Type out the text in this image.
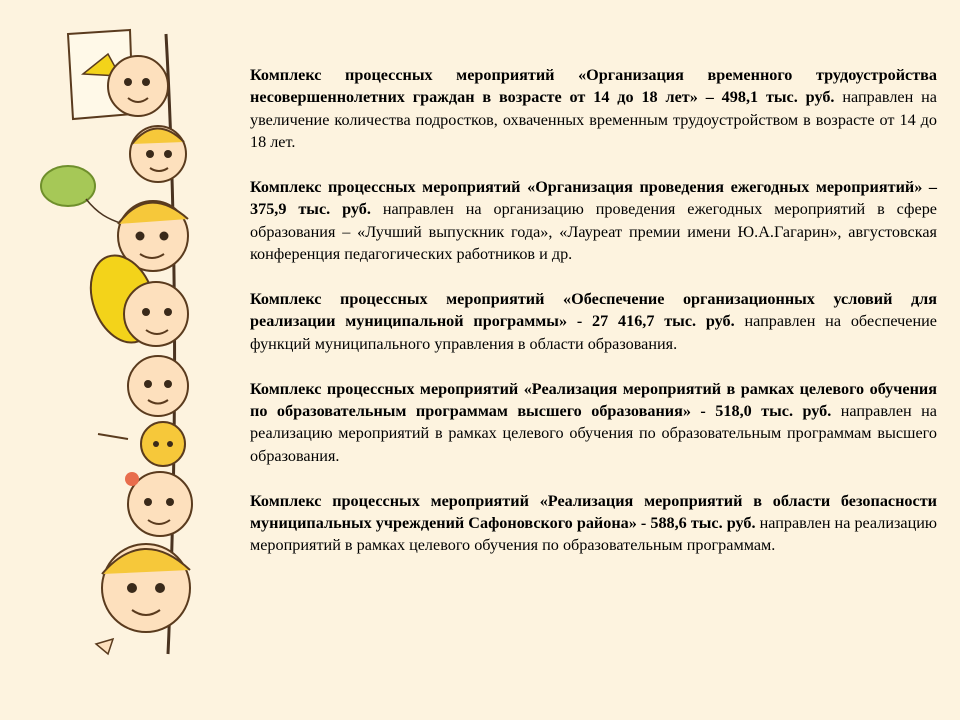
Комплекс процессных мероприятий «Организация временного трудоустройства несовершеннолетних граждан в возрасте от 14 до 18 лет» – 498,1 тыс. руб. направлен на увеличение количества подростков, охваченных временным трудоустройством в возрасте от 14 до 18 лет.

Комплекс процессных мероприятий «Организация проведения ежегодных мероприятий» – 375,9 тыс. руб. направлен на организацию проведения ежегодных мероприятий в сфере образования – «Лучший выпускник года», «Лауреат премии имени Ю.А.Гагарин», августовская конференция педагогических работников и др.

Комплекс процессных мероприятий «Обеспечение организационных условий для реализации муниципальной программы» - 27 416,7 тыс. руб. направлен на обеспечение функций муниципального управления в области образования.

Комплекс процессных мероприятий «Реализация мероприятий в рамках целевого обучения по образовательным программам высшего образования» - 518,0 тыс. руб. направлен на реализацию мероприятий в рамках целевого обучения по образовательным программам высшего образования.

Комплекс процессных мероприятий «Реализация мероприятий в области безопасности муниципальных учреждений Сафоновского района» - 588,6 тыс. руб. направлен на реализацию мероприятий в рамках целевого обучения по образовательным программам.
